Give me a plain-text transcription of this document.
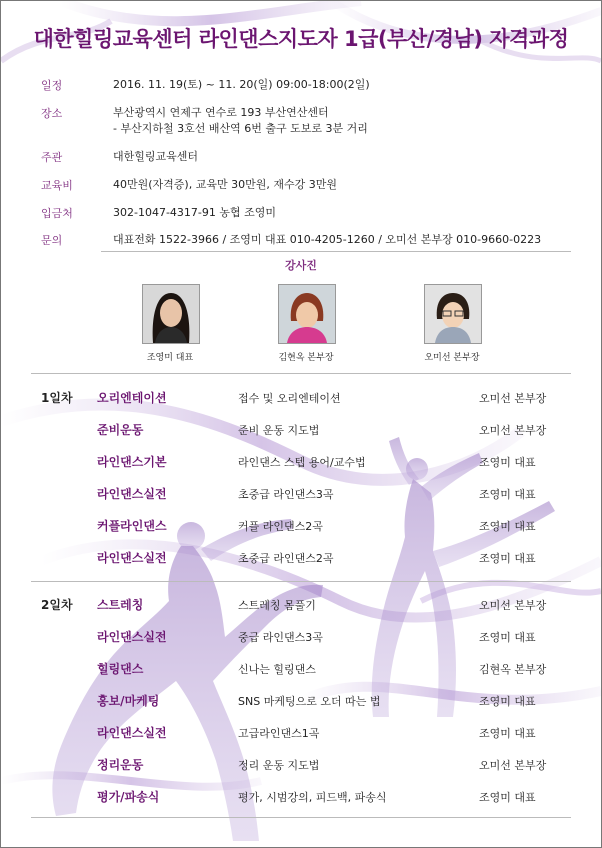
대한힐링교육센터 라인댄스지도자 1급(부산/경남) 자격과정
일정	2016. 11. 19(토) ~ 11. 20(일) 09:00-18:00(2일)
장소	부산광역시 연제구 연수로 193 부산연산센터
- 부산지하철 3호선 배산역 6번 출구 도보로 3분 거리
주관	대한힐링교육센터
교육비	40만원(자격증), 교육만 30만원, 재수강 3만원
입금처	302-1047-4317-91 농협 조영미
문의	대표전화 1522-3966 / 조영미 대표 010-4205-1260 / 오미선 본부장 010-9660-0223
강사진
조영미 대표	김현옥 본부장	오미선 본부장
1일차 오리엔테이션	접수 및 오리엔테이션	오미선 본부장
준비운동	준비 운동 지도법	오미선 본부장
라인댄스기본	라인댄스 스텝 용어/교수법	조영미 대표
라인댄스실전	초중급 라인댄스3곡	조영미 대표
커플라인댄스	커플 라인댄스2곡	조영미 대표
라인댄스실전	초중급 라인댄스2곡	조영미 대표
2일차 스트레칭	스트레칭 몸풀기	오미선 본부장
라인댄스실전	중급 라인댄스3곡	조영미 대표
힐링댄스	신나는 힐링댄스	김현옥 본부장
홍보/마케팅	SNS 마케팅으로 오더 따는 법	조영미 대표
라인댄스실전	고급라인댄스1곡	조영미 대표
정리운동	정리 운동 지도법	오미선 본부장
평가/파송식	평가, 시범강의, 피드백, 파송식	조영미 대표
